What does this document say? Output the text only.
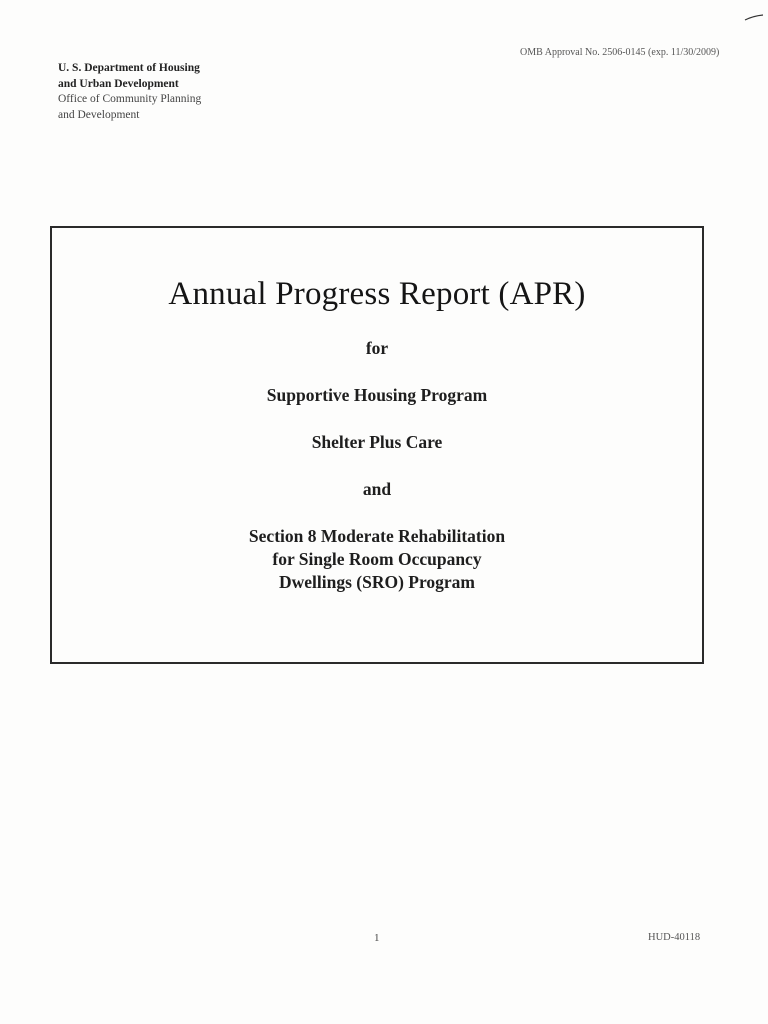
U. S. Department of Housing
and Urban Development
Office of Community Planning
and Development
OMB Approval No. 2506-0145 (exp. 11/30/2009)
Annual Progress Report (APR)
for
Supportive Housing Program
Shelter Plus Care
and
Section 8 Moderate Rehabilitation
for Single Room Occupancy
Dwellings (SRO) Program
1	HUD-40118
